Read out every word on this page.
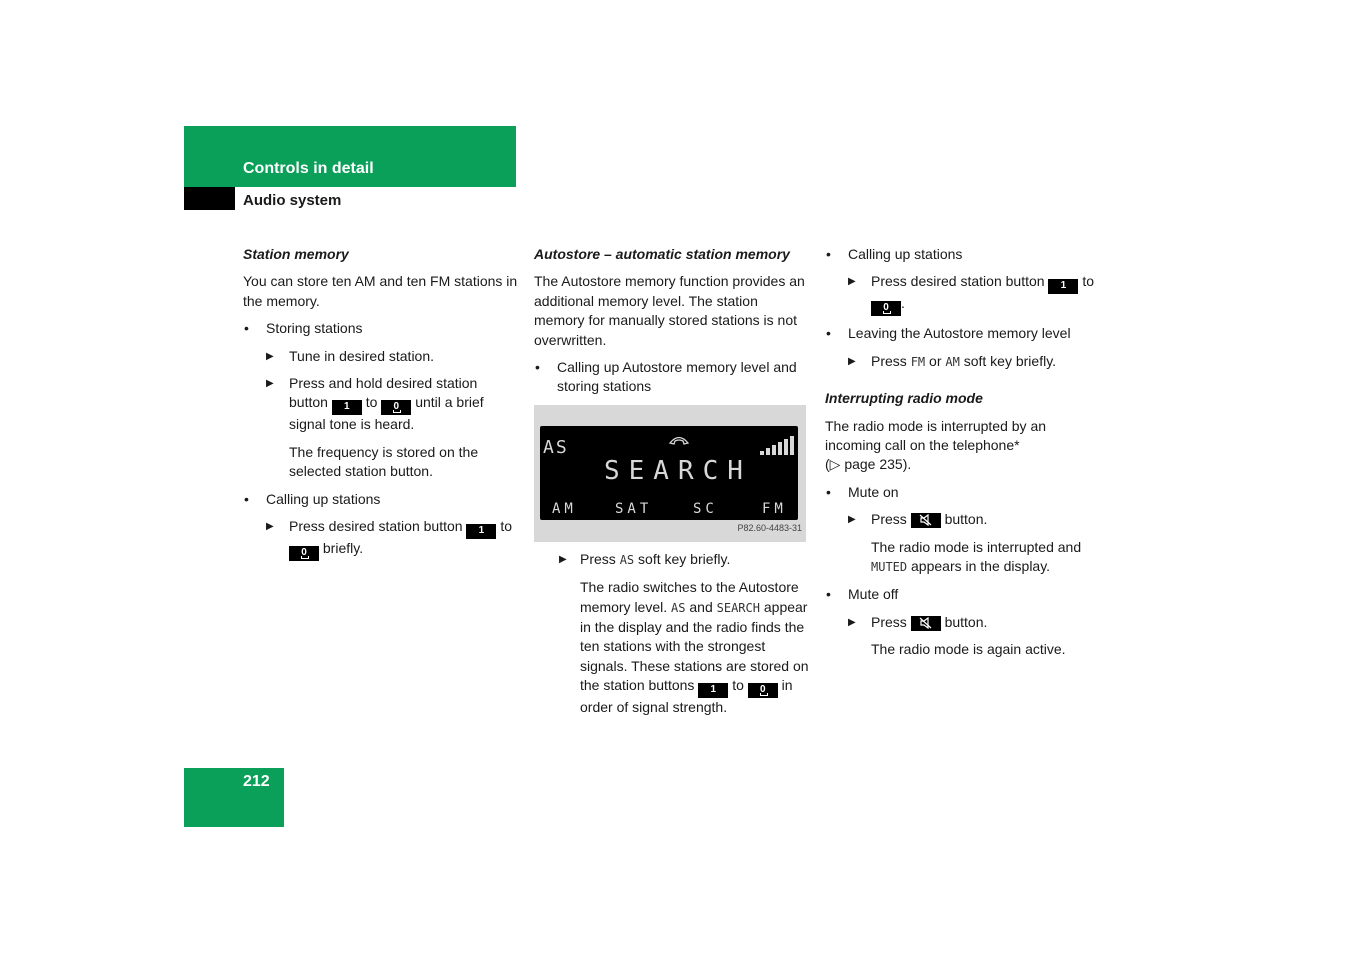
Controls in detail
Audio system
Station memory

You can store ten AM and ten FM stations in the memory.

• Storing stations
▶ Tune in desired station.
▶ Press and hold desired station button 1 to 0 until a brief signal tone is heard.
The frequency is stored on the selected station button.
• Calling up stations
▶ Press desired station button 1 to 0 briefly.
Autostore – automatic station memory

The Autostore memory function provides an additional memory level. The station memory for manually stored stations is not overwritten.

• Calling up Autostore memory level and storing stations
AS
SEARCH
AM	SAT	SC	FM
P82.60-4483-31
▶ Press AS soft key briefly.
The radio switches to the Autostore memory level. AS and SEARCH appear in the display and the radio finds the ten stations with the strongest signals. These stations are stored on the station buttons 1 to 0 in order of signal strength.
• Calling up stations
▶ Press desired station button 1 to 0 .
• Leaving the Autostore memory level
▶ Press FM or AM soft key briefly.
Interrupting radio mode

The radio mode is interrupted by an incoming call on the telephone*
(▷ page 235).

• Mute on
▶ Press	button.
The radio mode is interrupted and MUTED appears in the display.
• Mute off
▶ Press	button.
The radio mode is again active.
212
